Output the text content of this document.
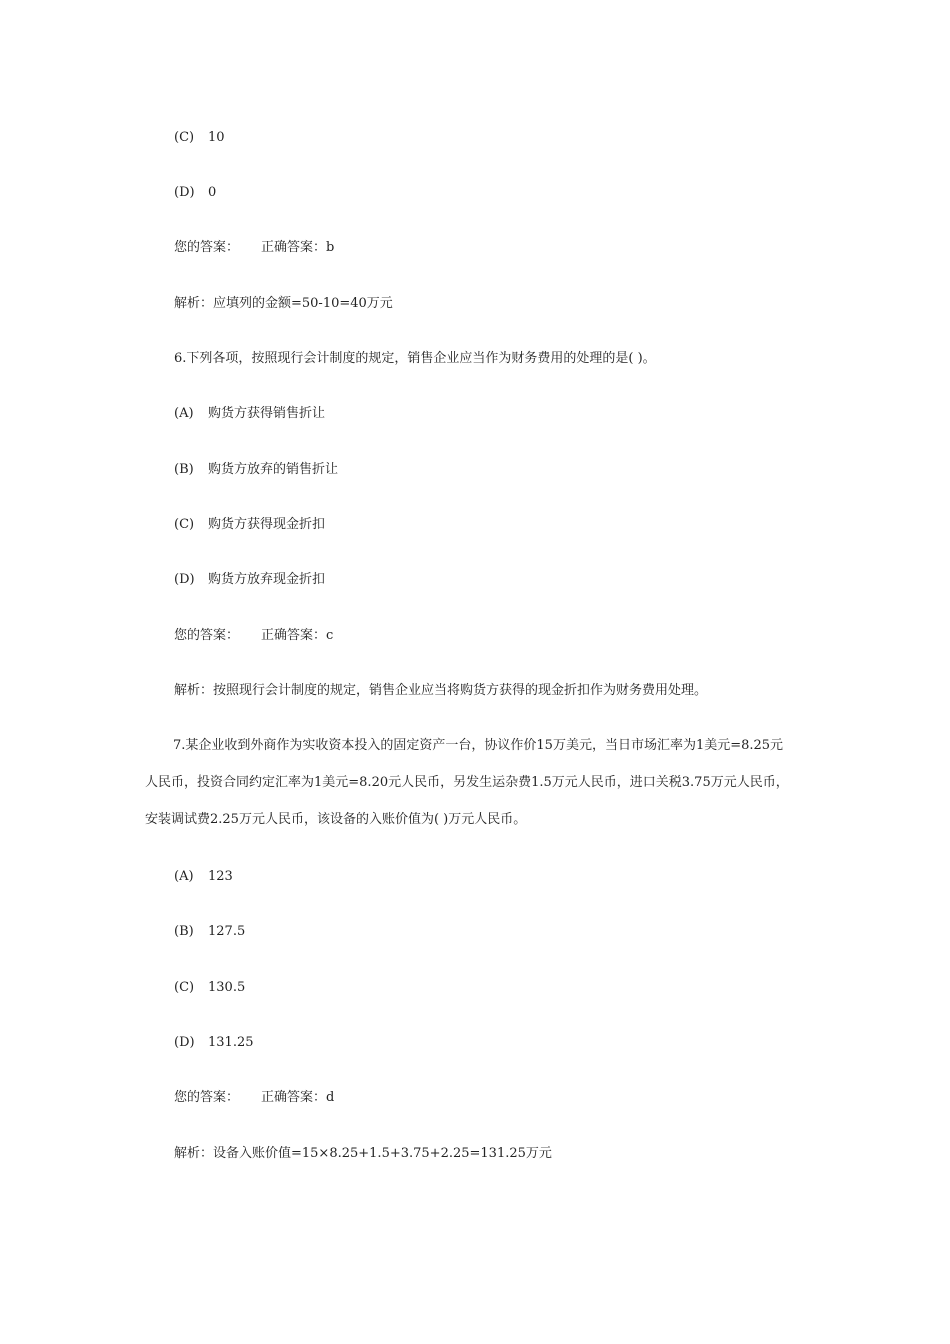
(C) 10
(D) 0
您的答案： 正确答案：b
解析：应填列的金额=50-10=40万元
6.下列各项，按照现行会计制度的规定，销售企业应当作为财务费用的处理的是( )。
(A) 购货方获得销售折让
(B) 购货方放弃的销售折让
(C) 购货方获得现金折扣
(D) 购货方放弃现金折扣
您的答案： 正确答案：c
解析：按照现行会计制度的规定，销售企业应当将购货方获得的现金折扣作为财务费用处理。
7.某企业收到外商作为实收资本投入的固定资产一台，协议作价15万美元，当日市场汇率为1美元=8.25元人民币，投资合同约定汇率为1美元=8.20元人民币，另发生运杂费1.5万元人民币，进口关税3.75万元人民币，安装调试费2.25万元人民币，该设备的入账价值为( )万元人民币。
(A) 123
(B) 127.5
(C) 130.5
(D) 131.25
您的答案： 正确答案：d
解析：设备入账价值=15×8.25+1.5+3.75+2.25=131.25万元
